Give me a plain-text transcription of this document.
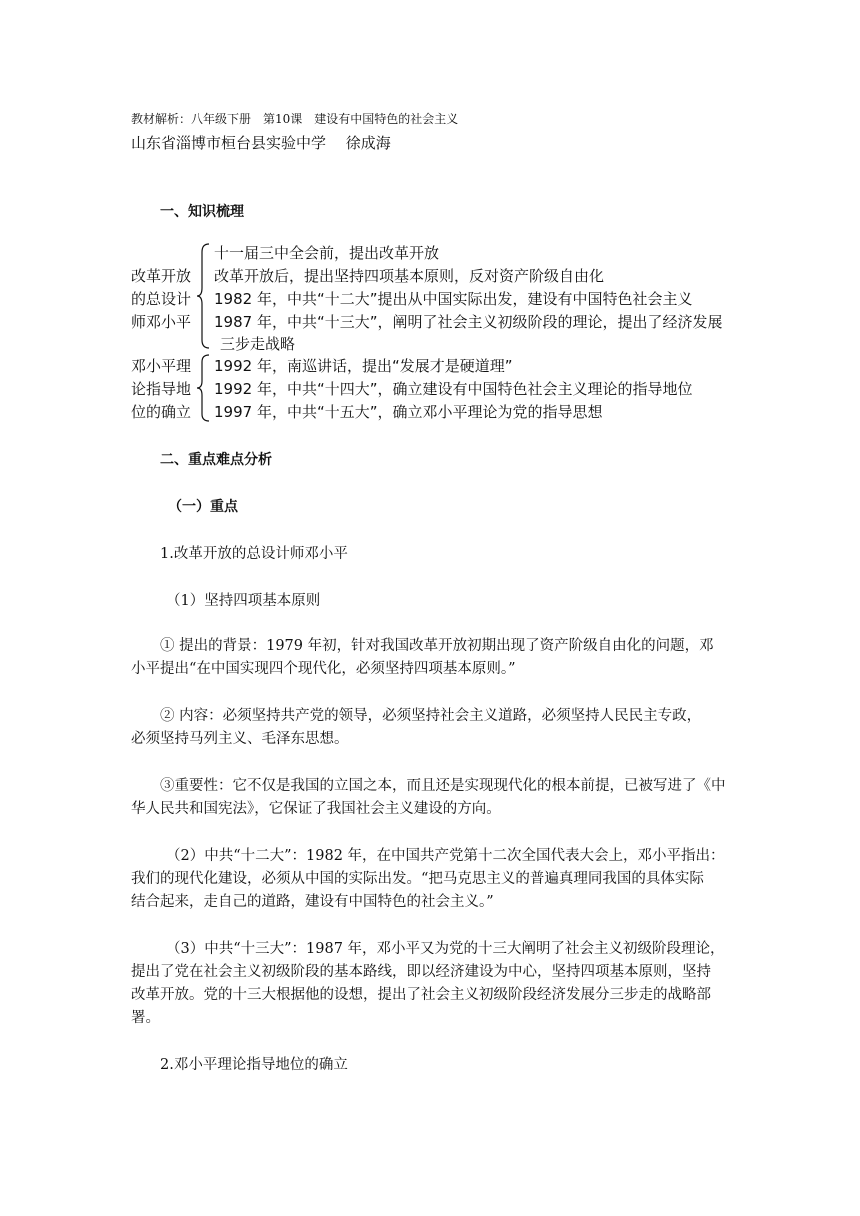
教材解析：八年级下册　第10课　建设有中国特色的社会主义
山东省淄博市桓台县实验中学　 徐成海
一、知识梳理
改革开放
的总设计
师邓小平
十一届三中全会前，提出改革开放
改革开放后，提出坚持四项基本原则，反对资产阶级自由化
1982 年，中共“十二大”提出从中国实际出发，建设有中国特色社会主义
1987 年，中共“十三大”，阐明了社会主义初级阶段的理论，提出了经济发展
三步走战略
邓小平理
论指导地
位的确立
1992 年，南巡讲话，提出“发展才是硬道理”
1992 年，中共“十四大”，确立建设有中国特色社会主义理论的指导地位
1997 年，中共“十五大”，确立邓小平理论为党的指导思想
二、重点难点分析
（一）重点
1.改革开放的总设计师邓小平
（1）坚持四项基本原则
① 提出的背景：1979 年初，针对我国改革开放初期出现了资产阶级自由化的问题，邓
小平提出“在中国实现四个现代化，必须坚持四项基本原则。”
② 内容：必须坚持共产党的领导，必须坚持社会主义道路，必须坚持人民民主专政，
必须坚持马列主义、毛泽东思想。
③重要性：它不仅是我国的立国之本，而且还是实现现代化的根本前提，已被写进了《中
华人民共和国宪法》，它保证了我国社会主义建设的方向。
（2）中共“十二大”：1982 年，在中国共产党第十二次全国代表大会上，邓小平指出：
我们的现代化建设，必须从中国的实际出发。“把马克思主义的普遍真理同我国的具体实际
结合起来，走自己的道路，建设有中国特色的社会主义。”
（3）中共“十三大”：1987 年，邓小平又为党的十三大阐明了社会主义初级阶段理论，
提出了党在社会主义初级阶段的基本路线，即以经济建设为中心，坚持四项基本原则，坚持
改革开放。党的十三大根据他的设想，提出了社会主义初级阶段经济发展分三步走的战略部
署。
2.邓小平理论指导地位的确立
